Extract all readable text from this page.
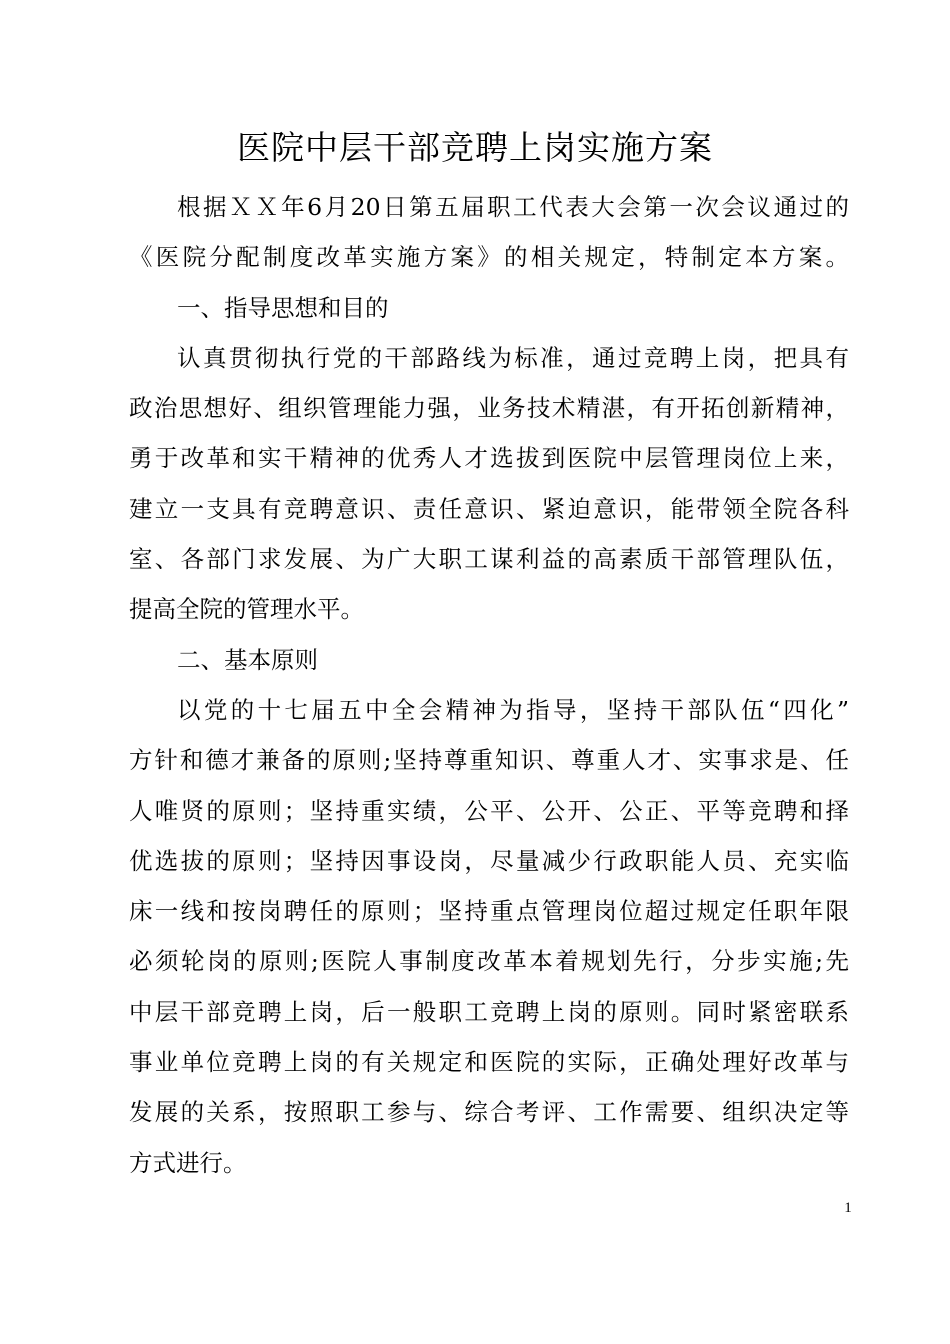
医院中层干部竞聘上岗实施方案
根据ＸＸ年6月20日第五届职工代表大会第一次会议通过的
《医院分配制度改革实施方案》的相关规定，特制定本方案。
一、指导思想和目的
认真贯彻执行党的干部路线为标准，通过竞聘上岗，把具有
政治思想好、组织管理能力强，业务技术精湛，有开拓创新精神，
勇于改革和实干精神的优秀人才选拔到医院中层管理岗位上来，
建立一支具有竞聘意识、责任意识、紧迫意识，能带领全院各科
室、各部门求发展、为广大职工谋利益的高素质干部管理队伍，
提高全院的管理水平。
二、基本原则
以党的十七届五中全会精神为指导，坚持干部队伍“四化”
方针和德才兼备的原则;坚持尊重知识、尊重人才、实事求是、任
人唯贤的原则；坚持重实绩，公平、公开、公正、平等竞聘和择
优选拔的原则；坚持因事设岗，尽量减少行政职能人员、充实临
床一线和按岗聘任的原则；坚持重点管理岗位超过规定任职年限
必须轮岗的原则;医院人事制度改革本着规划先行，分步实施;先
中层干部竞聘上岗，后一般职工竞聘上岗的原则。同时紧密联系
事业单位竞聘上岗的有关规定和医院的实际，正确处理好改革与
发展的关系，按照职工参与、综合考评、工作需要、组织决定等
方式进行。
1
